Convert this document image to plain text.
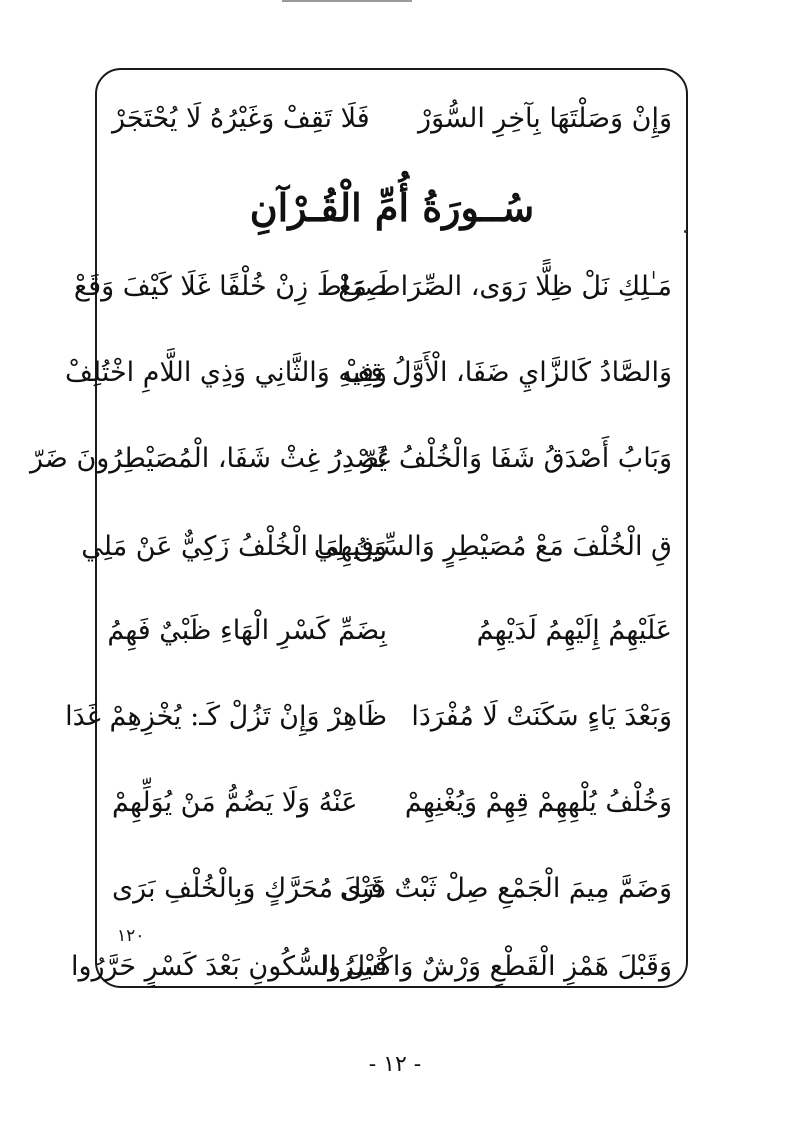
وَإِنْ وَصَلْتَهَا بِآخِرِ السُّوَرْ
فَلَا تَقِفْ وَغَيْرُهُ لَا يُحْتَجَرْ
سُــورَةُ أُمِّ الْقُـرْآنِ
مَـٰلِكِ نَلْ ظِلًّا رَوَى، الصِّرَاطَ مَعْ
صِرَاطَ زِنْ خُلْفًا غَلَا كَيْفَ وَقَعْ
وَالصَّادُ كَالزَّايِ ضَفَا، الْأَوَّلُ قِفْ
وَفِيهِ وَالثَّانِي وَذِي اللَّامِ اخْتُلِفْ
وَبَابُ أَصْدَقُ شَفَا وَالْخُلْفُ غَرّ
يُصْدِرُ غِثْ شَفَا، الْمُصَيْطِرُونَ ضَرّ
قِ الْخُلْفَ مَعْ مُصَيْطِرٍ وَالسِّينُ لِي
وَفِيهِمَا الْخُلْفُ زَكِيٌّ عَنْ مَلِي
عَلَيْهِمُ إِلَيْهِمُ لَدَيْهِمُ
بِضَمِّ كَسْرِ الْهَاءِ ظَبْيٌ فَهِمُ
وَبَعْدَ يَاءٍ سَكَنَتْ لَا مُفْرَدَا
ظَاهِرْ وَإِنْ تَزُلْ كَـ: يُخْزِهِمْ غَدَا
وَخُلْفُ يُلْهِهِمْ قِهِمْ وَيُغْنِهِمْ
عَنْهُ وَلَا يَضُمُّ مَنْ يُوَلِّهِمْ
وَضَمَّ مِيمَ الْجَمْعِ صِلْ ثَبْتٌ دَرَى
قَبْلَ مُحَرَّكٍ وَبِالْخُلْفِ بَرَى
١٢٠
وَقَبْلَ هَمْزِ الْقَطْعِ وَرْشٌ وَاكْسِرُوا
قَبْلَ السُّكُونِ بَعْدَ كَسْرٍ حَرَّرُوا
- ١٢ -
